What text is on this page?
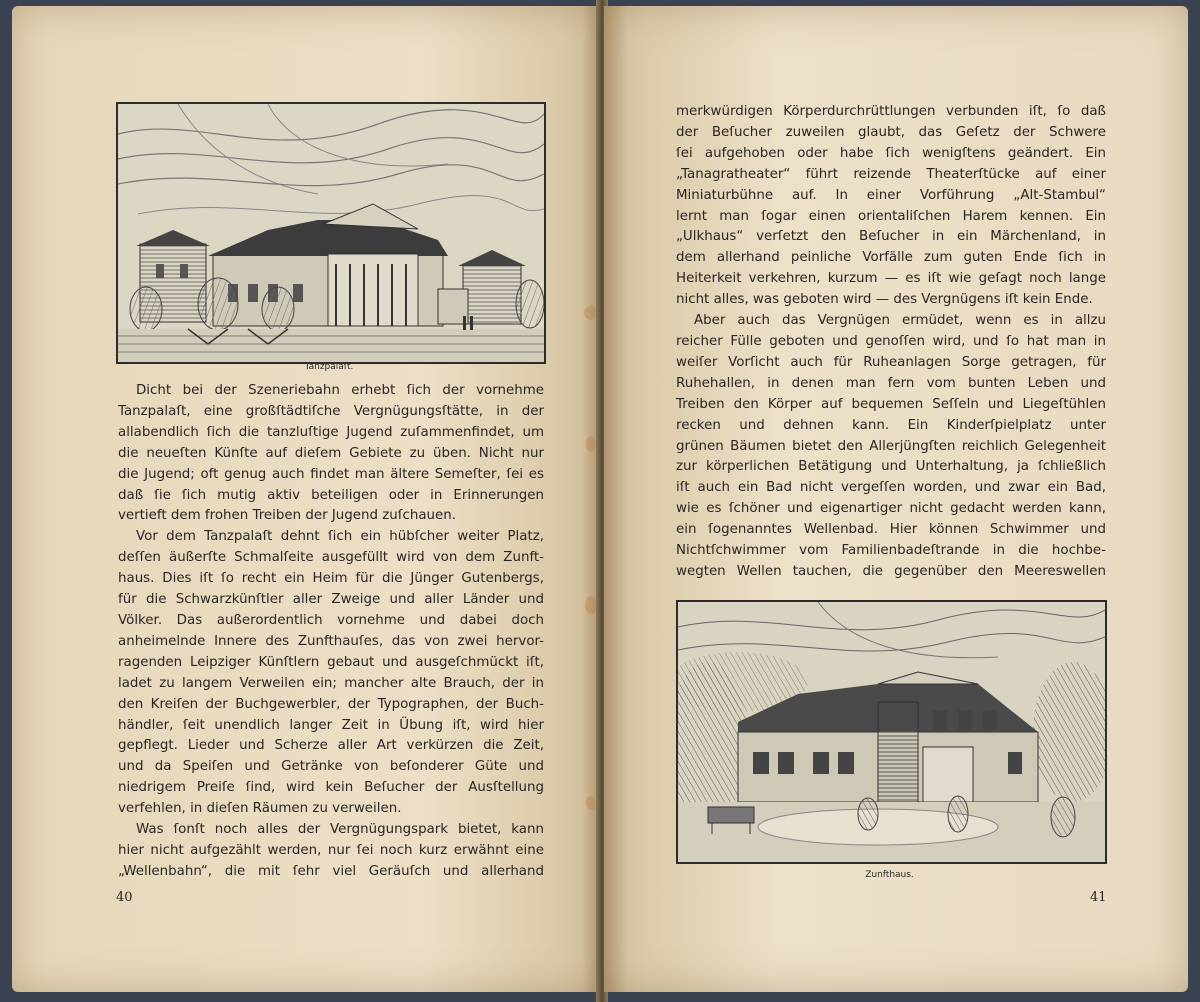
Tanzpalaſt.
Dicht bei der Szeneriebahn erhebt ſich der vornehme
Tanzpalaſt, eine großſtädtiſche Vergnügungsſtätte, in der
allabendlich ſich die tanzluſtige Jugend zuſammenfindet, um
die neueſten Künſte auf dieſem Gebiete zu üben. Nicht nur
die Jugend; oft genug auch findet man ältere Semeſter, ſei es
daß ſie ſich mutig aktiv beteiligen oder in Erinnerungen
vertieft dem frohen Treiben der Jugend zuſchauen.
Vor dem Tanzpalaſt dehnt ſich ein hübſcher weiter Platz,
deſſen äußerſte Schmalſeite ausgefüllt wird von dem Zunft-
haus. Dies iſt ſo recht ein Heim für die Jünger Gutenbergs,
für die Schwarzkünſtler aller Zweige und aller Länder und
Völker. Das außerordentlich vornehme und dabei doch
anheimelnde Innere des Zunfthauſes, das von zwei hervor-
ragenden Leipziger Künſtlern gebaut und ausgeſchmückt iſt,
ladet zu langem Verweilen ein; mancher alte Brauch, der in
den Kreiſen der Buchgewerbler, der Typographen, der Buch-
händler, ſeit unendlich langer Zeit in Übung iſt, wird hier
gepflegt. Lieder und Scherze aller Art verkürzen die Zeit,
und da Speiſen und Getränke von beſonderer Güte und
niedrigem Preiſe ſind, wird kein Beſucher der Ausſtellung
verfehlen, in dieſen Räumen zu verweilen.
Was ſonſt noch alles der Vergnügungspark bietet, kann
hier nicht aufgezählt werden, nur ſei noch kurz erwähnt eine
„Wellenbahn“, die mit ſehr viel Geräuſch und allerhand
40
merkwürdigen Körperdurchrüttlungen verbunden iſt, ſo daß
der Beſucher zuweilen glaubt, das Geſetz der Schwere
ſei aufgehoben oder habe ſich wenigſtens geändert. Ein
„Tanagratheater“ führt reizende Theaterſtücke auf einer
Miniaturbühne auf. In einer Vorführung „Alt-Stambul“
lernt man ſogar einen orientaliſchen Harem kennen. Ein
„Ulkhaus“ verſetzt den Beſucher in ein Märchenland, in
dem allerhand peinliche Vorfälle zum guten Ende ſich in
Heiterkeit verkehren, kurzum — es iſt wie geſagt noch lange
nicht alles, was geboten wird — des Vergnügens iſt kein Ende.
Aber auch das Vergnügen ermüdet, wenn es in allzu
reicher Fülle geboten und genoſſen wird, und ſo hat man in
weiſer Vorſicht auch für Ruheanlagen Sorge getragen, für
Ruhehallen, in denen man fern vom bunten Leben und
Treiben den Körper auf bequemen Seſſeln und Liegeſtühlen
recken und dehnen kann. Ein Kinderſpielplatz unter
grünen Bäumen bietet den Allerjüngſten reichlich Gelegenheit
zur körperlichen Betätigung und Unterhaltung, ja ſchließlich
iſt auch ein Bad nicht vergeſſen worden, und zwar ein Bad,
wie es ſchöner und eigenartiger nicht gedacht werden kann,
ein ſogenanntes Wellenbad. Hier können Schwimmer und
Nichtſchwimmer vom Familienbadeſtrande in die hochbe-
wegten Wellen tauchen, die gegenüber den Meereswellen
Zunfthaus.
41
